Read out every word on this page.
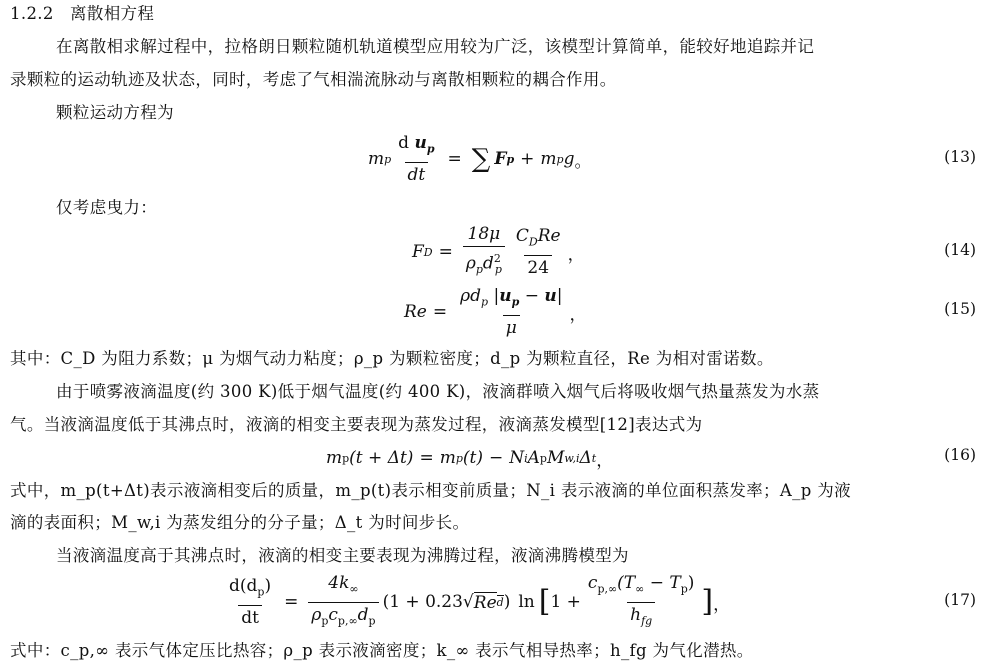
1.2.2 离散相方程
在离散相求解过程中，拉格朗日颗粒随机轨道模型应用较为广泛，该模型计算简单，能较好地追踪并记
录颗粒的运动轨迹及状态，同时，考虑了气相湍流脉动与离散相颗粒的耦合作用。
颗粒运动方程为
m p $\frac{d u_p}{dt}$ = ∑ F p + m p g 。	(13)
仅考虑曳力：
F $D = \frac{18\mu}{\rho_pd^2_p} \frac{C_DRe}{24}$ ，	(14)
$Re = \frac{\rho d_p |u_p - u|}{\mu}$ ，	(15)
其中：C_D 为阻力系数；μ 为烟气动力粘度；ρ_p 为颗粒密度；d_p 为颗粒直径，Re 为相对雷诺数。
由于喷雾液滴温度(约 300 K)低于烟气温度(约 400 K)，液滴群喷入烟气后将吸收烟气热量蒸发为水蒸
气。当液滴温度低于其沸点时，液滴的相变主要表现为蒸发过程，液滴蒸发模型[12]表达式为
m p (t + Δt) = m p (t) − N i A p M w,i Δ t ，	(16)
式中，m_p(t+Δt)表示液滴相变后的质量，m_p(t)表示相变前质量；N_i 表示液滴的单位面积蒸发率；A_p 为液
滴的表面积；M_w,i 为蒸发组分的分子量；Δ_t 为时间步长。
当液滴温度高于其沸点时，液滴的相变主要表现为沸腾过程，液滴沸腾模型为
$\frac{d(d_p)}{dt} = \frac{4k_\infty}{\rho_pc_{p,\infty}d_p} (1 + 0.23$ √ Re d ) ln [ $1 + \frac{c_{p,\infty}(T_\infty - T_p)}{h_{fg}}$ ] ，	(17)
式中：c_p,∞ 表示气体定压比热容；ρ_p 表示液滴密度；k_∞ 表示气相导热率；h_fg 为气化潜热。
